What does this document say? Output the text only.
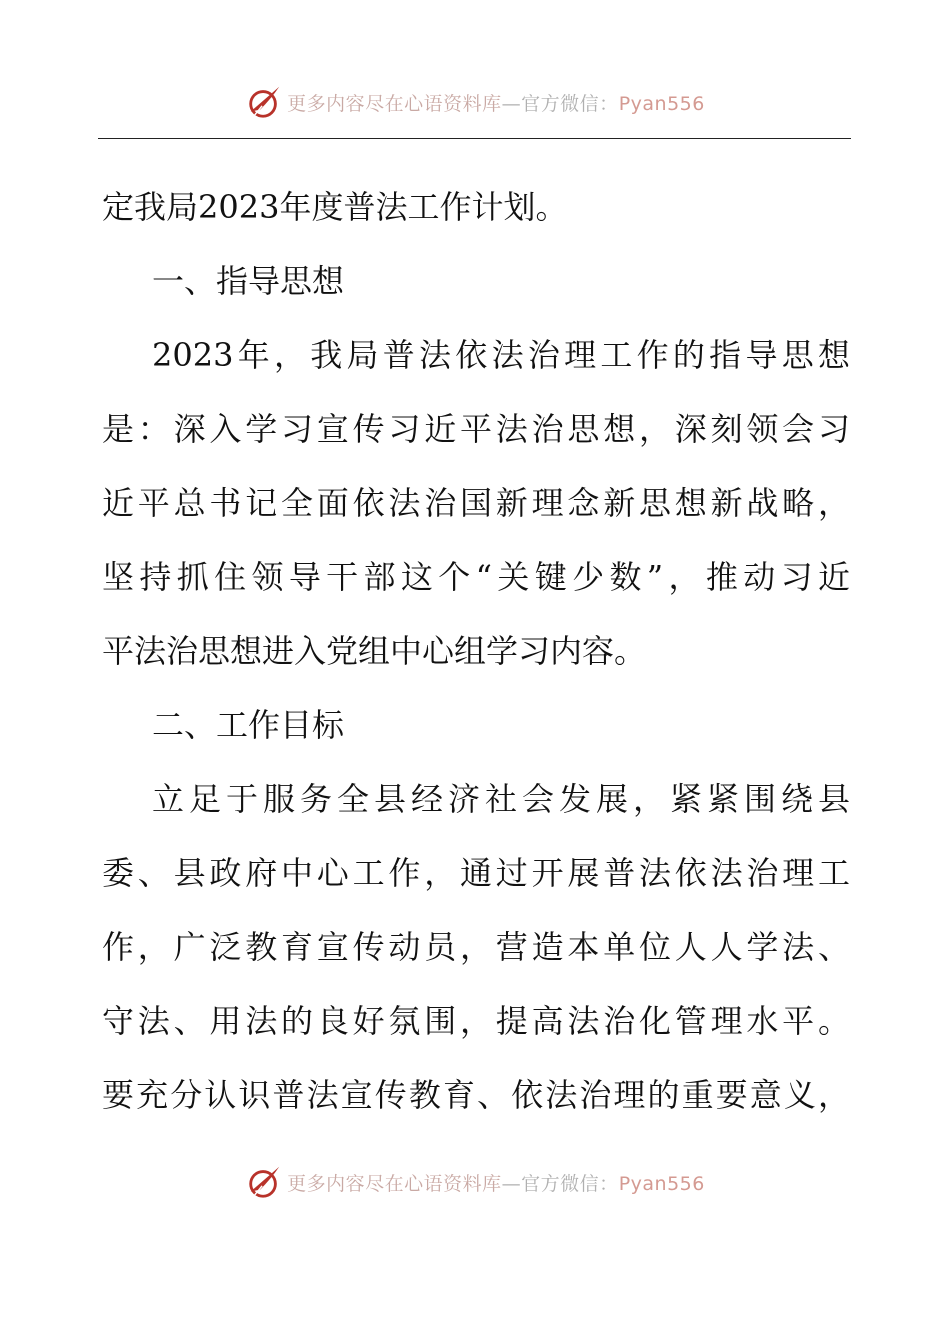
更多内容尽在心语资料库—官方微信：Pyan556
定我局2023年度普法工作计划。
一、指导思想
2023年，我局普法依法治理工作的指导思想
是：深入学习宣传习近平法治思想，深刻领会习
近平总书记全面依法治国新理念新思想新战略，
坚持抓住领导干部这个“关键少数”，推动习近
平法治思想进入党组中心组学习内容。
二、工作目标
立足于服务全县经济社会发展，紧紧围绕县
委、县政府中心工作，通过开展普法依法治理工
作，广泛教育宣传动员，营造本单位人人学法、
守法、用法的良好氛围，提高法治化管理水平。
要充分认识普法宣传教育、依法治理的重要意义，
更多内容尽在心语资料库—官方微信：Pyan556
